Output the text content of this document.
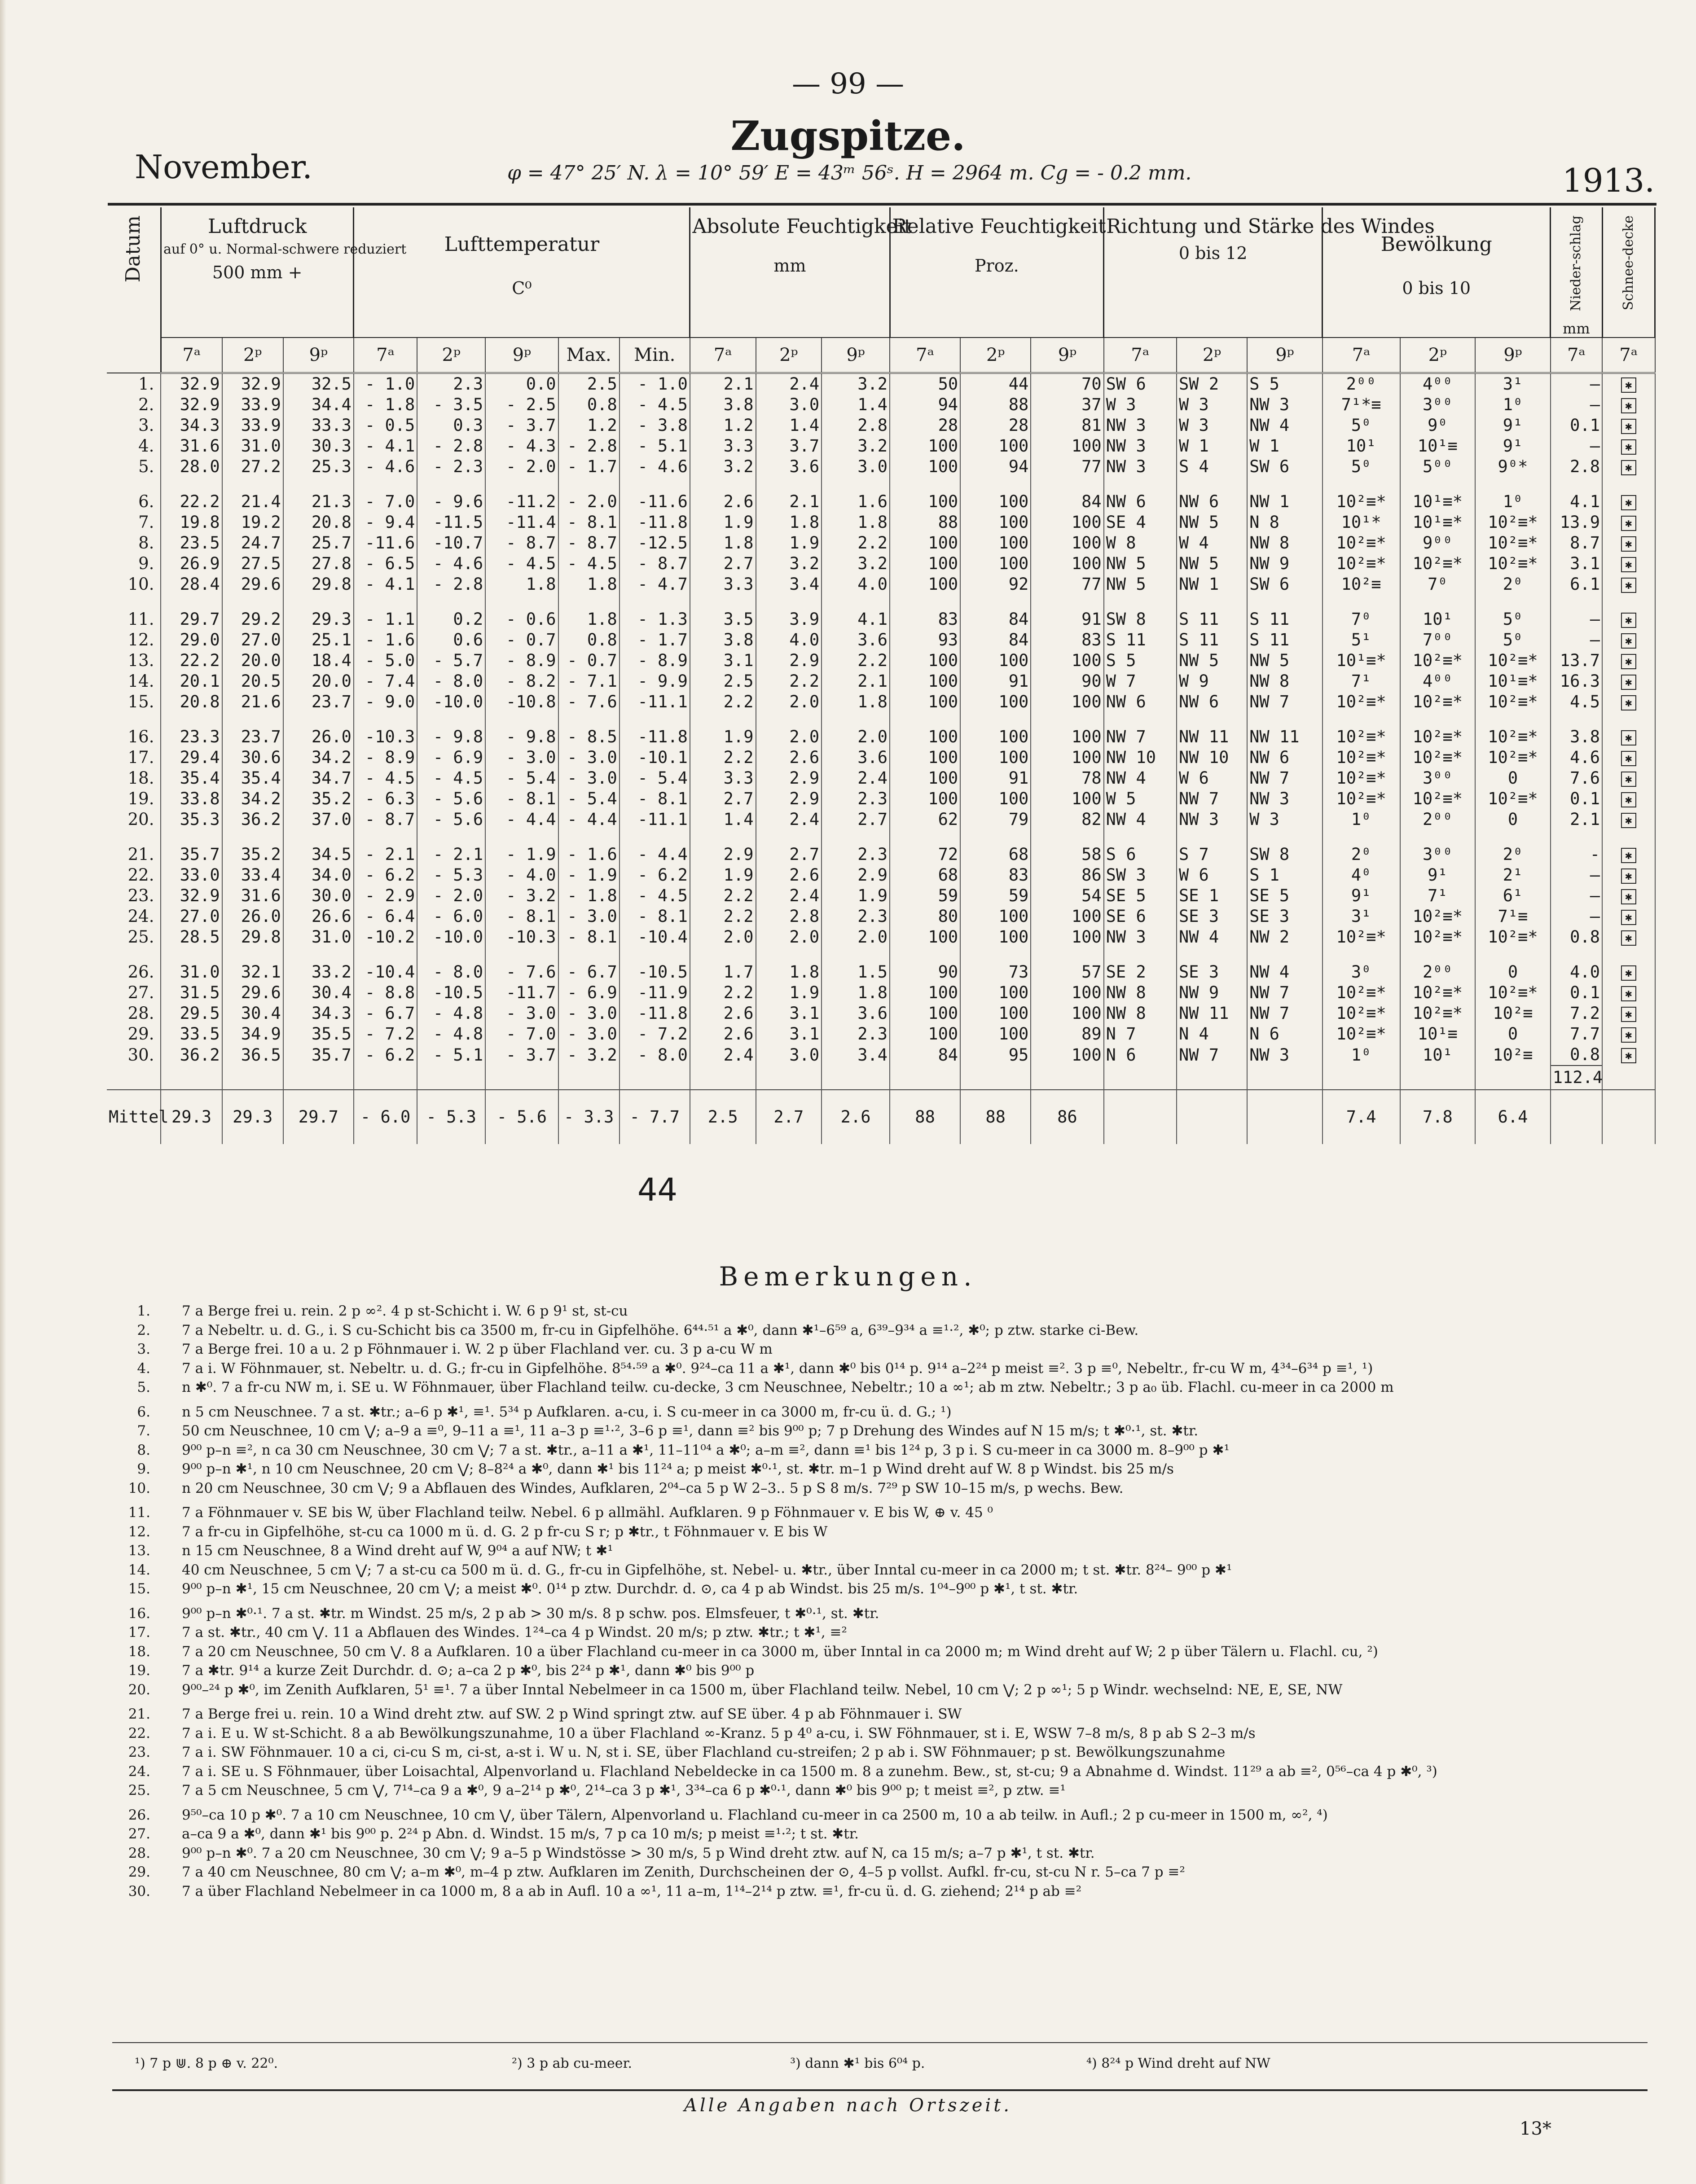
— 99 —
Zugspitze.
November.	φ = 47° 25′ N. λ = 10° 59′ E = 43ᵐ 56ˢ. H = 2964 m. Cg = - 0.2 mm.	1913.
Datum	Luftdruck
auf 0° u. Normal-schwere reduziert
500 mm +			Lufttemperatur
C⁰					Absolute Feuchtigkeit
mm			Relative Feuchtigkeit
Proz.			Richtung und Stärke des Windes
0 bis 12			Bewölkung
0 bis 10			Nieder-schlag
mm	Schnee-decke
	7ᵃ	2ᵖ	9ᵖ	7ᵃ	2ᵖ	9ᵖ	Max.	Min.	7ᵃ	2ᵖ	9ᵖ	7ᵃ	2ᵖ	9ᵖ	7ᵃ	2ᵖ	9ᵖ	7ᵃ	2ᵖ	9ᵖ	7ᵃ	7ᵃ
1.	32.9	32.9	32.5	- 1.0	2.3	0.0	2.5	- 1.0	2.1	2.4	3.2	50	44	70	SW 6	SW 2	S 5	2⁰⁰	4⁰⁰	3¹	—	✱
2.	32.9	33.9	34.4	- 1.8	- 3.5	- 2.5	0.8	- 4.5	3.8	3.0	1.4	94	88	37	W 3	W 3	NW 3	7¹*≡	3⁰⁰	1⁰	—	✱
3.	34.3	33.9	33.3	- 0.5	0.3	- 3.7	1.2	- 3.8	1.2	1.4	2.8	28	28	81	NW 3	W 3	NW 4	5⁰	9⁰	9¹	0.1	✱
4.	31.6	31.0	30.3	- 4.1	- 2.8	- 4.3	- 2.8	- 5.1	3.3	3.7	3.2	100	100	100	NW 3	W 1	W 1	10¹	10¹≡	9¹	—	✱
5.	28.0	27.2	25.3	- 4.6	- 2.3	- 2.0	- 1.7	- 4.6	3.2	3.6	3.0	100	94	77	NW 3	S 4	SW 6	5⁰	5⁰⁰	9⁰*	2.8	✱

6.	22.2	21.4	21.3	- 7.0	- 9.6	-11.2	- 2.0	-11.6	2.6	2.1	1.6	100	100	84	NW 6	NW 6	NW 1	10²≡*	10¹≡*	1⁰	4.1	✱
7.	19.8	19.2	20.8	- 9.4	-11.5	-11.4	- 8.1	-11.8	1.9	1.8	1.8	88	100	100	SE 4	NW 5	N 8	10¹*	10¹≡*	10²≡*	13.9	✱
8.	23.5	24.7	25.7	-11.6	-10.7	- 8.7	- 8.7	-12.5	1.8	1.9	2.2	100	100	100	W 8	W 4	NW 8	10²≡*	9⁰⁰	10²≡*	8.7	✱
9.	26.9	27.5	27.8	- 6.5	- 4.6	- 4.5	- 4.5	- 8.7	2.7	3.2	3.2	100	100	100	NW 5	NW 5	NW 9	10²≡*	10²≡*	10²≡*	3.1	✱
10.	28.4	29.6	29.8	- 4.1	- 2.8	1.8	1.8	- 4.7	3.3	3.4	4.0	100	92	77	NW 5	NW 1	SW 6	10²≡	7⁰	2⁰	6.1	✱

11.	29.7	29.2	29.3	- 1.1	0.2	- 0.6	1.8	- 1.3	3.5	3.9	4.1	83	84	91	SW 8	S 11	S 11	7⁰	10¹	5⁰	—	✱
12.	29.0	27.0	25.1	- 1.6	0.6	- 0.7	0.8	- 1.7	3.8	4.0	3.6	93	84	83	S 11	S 11	S 11	5¹	7⁰⁰	5⁰	—	✱
13.	22.2	20.0	18.4	- 5.0	- 5.7	- 8.9	- 0.7	- 8.9	3.1	2.9	2.2	100	100	100	S 5	NW 5	NW 5	10¹≡*	10²≡*	10²≡*	13.7	✱
14.	20.1	20.5	20.0	- 7.4	- 8.0	- 8.2	- 7.1	- 9.9	2.5	2.2	2.1	100	91	90	W 7	W 9	NW 8	7¹	4⁰⁰	10¹≡*	16.3	✱
15.	20.8	21.6	23.7	- 9.0	-10.0	-10.8	- 7.6	-11.1	2.2	2.0	1.8	100	100	100	NW 6	NW 6	NW 7	10²≡*	10²≡*	10²≡*	4.5	✱

16.	23.3	23.7	26.0	-10.3	- 9.8	- 9.8	- 8.5	-11.8	1.9	2.0	2.0	100	100	100	NW 7	NW 11	NW 11	10²≡*	10²≡*	10²≡*	3.8	✱
17.	29.4	30.6	34.2	- 8.9	- 6.9	- 3.0	- 3.0	-10.1	2.2	2.6	3.6	100	100	100	NW 10	NW 10	NW 6	10²≡*	10²≡*	10²≡*	4.6	✱
18.	35.4	35.4	34.7	- 4.5	- 4.5	- 5.4	- 3.0	- 5.4	3.3	2.9	2.4	100	91	78	NW 4	W 6	NW 7	10²≡*	3⁰⁰	0	7.6	✱
19.	33.8	34.2	35.2	- 6.3	- 5.6	- 8.1	- 5.4	- 8.1	2.7	2.9	2.3	100	100	100	W 5	NW 7	NW 3	10²≡*	10²≡*	10²≡*	0.1	✱
20.	35.3	36.2	37.0	- 8.7	- 5.6	- 4.4	- 4.4	-11.1	1.4	2.4	2.7	62	79	82	NW 4	NW 3	W 3	1⁰	2⁰⁰	0	2.1	✱

21.	35.7	35.2	34.5	- 2.1	- 2.1	- 1.9	- 1.6	- 4.4	2.9	2.7	2.3	72	68	58	S 6	S 7	SW 8	2⁰	3⁰⁰	2⁰	-	✱
22.	33.0	33.4	34.0	- 6.2	- 5.3	- 4.0	- 1.9	- 6.2	1.9	2.6	2.9	68	83	86	SW 3	W 6	S 1	4⁰	9¹	2¹	—	✱
23.	32.9	31.6	30.0	- 2.9	- 2.0	- 3.2	- 1.8	- 4.5	2.2	2.4	1.9	59	59	54	SE 5	SE 1	SE 5	9¹	7¹	6¹	—	✱
24.	27.0	26.0	26.6	- 6.4	- 6.0	- 8.1	- 3.0	- 8.1	2.2	2.8	2.3	80	100	100	SE 6	SE 3	SE 3	3¹	10²≡*	7¹≡	—	✱
25.	28.5	29.8	31.0	-10.2	-10.0	-10.3	- 8.1	-10.4	2.0	2.0	2.0	100	100	100	NW 3	NW 4	NW 2	10²≡*	10²≡*	10²≡*	0.8	✱

26.	31.0	32.1	33.2	-10.4	- 8.0	- 7.6	- 6.7	-10.5	1.7	1.8	1.5	90	73	57	SE 2	SE 3	NW 4	3⁰	2⁰⁰	0	4.0	✱
27.	31.5	29.6	30.4	- 8.8	-10.5	-11.7	- 6.9	-11.9	2.2	1.9	1.8	100	100	100	NW 8	NW 9	NW 7	10²≡*	10²≡*	10²≡*	0.1	✱
28.	29.5	30.4	34.3	- 6.7	- 4.8	- 3.0	- 3.0	-11.8	2.6	3.1	3.6	100	100	100	NW 8	NW 11	NW 7	10²≡*	10²≡*	10²≡	7.2	✱
29.	33.5	34.9	35.5	- 7.2	- 4.8	- 7.0	- 3.0	- 7.2	2.6	3.1	2.3	100	100	89	N 7	N 4	N 6	10²≡*	10¹≡	0	7.7	✱
30.	36.2	36.5	35.7	- 6.2	- 5.1	- 3.7	- 3.2	- 8.0	2.4	3.0	3.4	84	95	100	N 6	NW 7	NW 3	1⁰	10¹	10²≡	0.8	✱
																					112.4	
Mittel	29.3	29.3	29.7	- 6.0	- 5.3	- 5.6	- 3.3	- 7.7	2.5	2.7	2.6	88	88	86				7.4	7.8	6.4		
44
Bemerkungen.
1. 7 a Berge frei u. rein. 2 p ∞². 4 p st-Schicht i. W. 6 p 9¹ st, st-cu
2. 7 a Nebeltr. u. d. G., i. S cu-Schicht bis ca 3500 m, fr-cu in Gipfelhöhe. 6⁴⁴·⁵¹ a ✱⁰, dann ✱¹–6⁵⁹ a, 6³⁹–9³⁴ a ≡¹·², ✱⁰; p ztw. starke ci-Bew.
3. 7 a Berge frei. 10 a u. 2 p Föhnmauer i. W. 2 p über Flachland ver. cu. 3 p a-cu W m
4. 7 a i. W Föhnmauer, st. Nebeltr. u. d. G.; fr-cu in Gipfelhöhe. 8⁵⁴·⁵⁹ a ✱⁰. 9²⁴–ca 11 a ✱¹, dann ✱⁰ bis 0¹⁴ p. 9¹⁴ a–2²⁴ p meist ≡². 3 p ≡⁰, Nebeltr., fr-cu W m, 4³⁴–6³⁴ p ≡¹, ¹)
5. n ✱⁰. 7 a fr-cu NW m, i. SE u. W Föhnmauer, über Flachland teilw. cu-decke, 3 cm Neuschnee, Nebeltr.; 10 a ∞¹; ab m ztw. Nebeltr.; 3 p a₀ üb. Flachl. cu-meer in ca 2000 m
6. n 5 cm Neuschnee. 7 a st. ✱tr.; a–6 p ✱¹, ≡¹. 5³⁴ p Aufklaren. a-cu, i. S cu-meer in ca 3000 m, fr-cu ü. d. G.; ¹)
7. 50 cm Neuschnee, 10 cm ⋁; a–9 a ≡⁰, 9–11 a ≡¹, 11 a–3 p ≡¹·², 3–6 p ≡¹, dann ≡² bis 9⁰⁰ p; 7 p Drehung des Windes auf N 15 m/s; t ✱⁰·¹, st. ✱tr.
8. 9⁰⁰ p–n ≡², n ca 30 cm Neuschnee, 30 cm ⋁; 7 a st. ✱tr., a–11 a ✱¹, 11–11⁰⁴ a ✱⁰; a–m ≡², dann ≡¹ bis 1²⁴ p, 3 p i. S cu-meer in ca 3000 m. 8–9⁰⁰ p ✱¹
9. 9⁰⁰ p–n ✱¹, n 10 cm Neuschnee, 20 cm ⋁; 8–8²⁴ a ✱⁰, dann ✱¹ bis 11²⁴ a; p meist ✱⁰·¹, st. ✱tr. m–1 p Wind dreht auf W. 8 p Windst. bis 25 m/s
10. n 20 cm Neuschnee, 30 cm ⋁; 9 a Abflauen des Windes, Aufklaren, 2⁰⁴–ca 5 p W 2–3.. 5 p S 8 m/s. 7²⁹ p SW 10–15 m/s, p wechs. Bew.
11. 7 a Föhnmauer v. SE bis W, über Flachland teilw. Nebel. 6 p allmähl. Aufklaren. 9 p Föhnmauer v. E bis W, ⊕ v. 45 ⁰
12. 7 a fr-cu in Gipfelhöhe, st-cu ca 1000 m ü. d. G. 2 p fr-cu S r; p ✱tr., t Föhnmauer v. E bis W
13. n 15 cm Neuschnee, 8 a Wind dreht auf W, 9⁰⁴ a auf NW; t ✱¹
14. 40 cm Neuschnee, 5 cm ⋁; 7 a st-cu ca 500 m ü. d. G., fr-cu in Gipfelhöhe, st. Nebel- u. ✱tr., über Inntal cu-meer in ca 2000 m; t st. ✱tr. 8²⁴– 9⁰⁰ p ✱¹
15. 9⁰⁰ p–n ✱¹, 15 cm Neuschnee, 20 cm ⋁; a meist ✱⁰. 0¹⁴ p ztw. Durchdr. d. ⊙, ca 4 p ab Windst. bis 25 m/s. 1⁰⁴–9⁰⁰ p ✱¹, t st. ✱tr.
16. 9⁰⁰ p–n ✱⁰·¹. 7 a st. ✱tr. m Windst. 25 m/s, 2 p ab > 30 m/s. 8 p schw. pos. Elmsfeuer, t ✱⁰·¹, st. ✱tr.
17. 7 a st. ✱tr., 40 cm ⋁. 11 a Abflauen des Windes. 1²⁴–ca 4 p Windst. 20 m/s; p ztw. ✱tr.; t ✱¹, ≡²
18. 7 a 20 cm Neuschnee, 50 cm ⋁. 8 a Aufklaren. 10 a über Flachland cu-meer in ca 3000 m, über Inntal in ca 2000 m; m Wind dreht auf W; 2 p über Tälern u. Flachl. cu, ²)
19. 7 a ✱tr. 9¹⁴ a kurze Zeit Durchdr. d. ⊙; a–ca 2 p ✱⁰, bis 2²⁴ p ✱¹, dann ✱⁰ bis 9⁰⁰ p
20. 9⁰⁰–²⁴ p ✱⁰, im Zenith Aufklaren, 5¹ ≡¹. 7 a über Inntal Nebelmeer in ca 1500 m, über Flachland teilw. Nebel, 10 cm ⋁; 2 p ∞¹; 5 p Windr. wechselnd: NE, E, SE, NW
21. 7 a Berge frei u. rein. 10 a Wind dreht ztw. auf SW. 2 p Wind springt ztw. auf SE über. 4 p ab Föhnmauer i. SW
22. 7 a i. E u. W st-Schicht. 8 a ab Bewölkungszunahme, 10 a über Flachland ∞-Kranz. 5 p 4⁰ a-cu, i. SW Föhnmauer, st i. E, WSW 7–8 m/s, 8 p ab S 2–3 m/s
23. 7 a i. SW Föhnmauer. 10 a ci, ci-cu S m, ci-st, a-st i. W u. N, st i. SE, über Flachland cu-streifen; 2 p ab i. SW Föhnmauer; p st. Bewölkungszunahme
24. 7 a i. SE u. S Föhnmauer, über Loisachtal, Alpenvorland u. Flachland Nebeldecke in ca 1500 m. 8 a zunehm. Bew., st, st-cu; 9 a Abnahme d. Windst. 11²⁹ a ab ≡², 0⁵⁶–ca 4 p ✱⁰, ³)
25. 7 a 5 cm Neuschnee, 5 cm ⋁, 7¹⁴–ca 9 a ✱⁰, 9 a–2¹⁴ p ✱⁰, 2¹⁴–ca 3 p ✱¹, 3³⁴–ca 6 p ✱⁰·¹, dann ✱⁰ bis 9⁰⁰ p; t meist ≡², p ztw. ≡¹
26. 9⁵⁰–ca 10 p ✱⁰. 7 a 10 cm Neuschnee, 10 cm ⋁, über Tälern, Alpenvorland u. Flachland cu-meer in ca 2500 m, 10 a ab teilw. in Aufl.; 2 p cu-meer in 1500 m, ∞², ⁴)
27. a–ca 9 a ✱⁰, dann ✱¹ bis 9⁰⁰ p. 2²⁴ p Abn. d. Windst. 15 m/s, 7 p ca 10 m/s; p meist ≡¹·²; t st. ✱tr.
28. 9⁰⁰ p–n ✱⁰. 7 a 20 cm Neuschnee, 30 cm ⋁; 9 a–5 p Windstösse > 30 m/s, 5 p Wind dreht ztw. auf N, ca 15 m/s; a–7 p ✱¹, t st. ✱tr.
29. 7 a 40 cm Neuschnee, 80 cm ⋁; a–m ✱⁰, m–4 p ztw. Aufklaren im Zenith, Durchscheinen der ⊙, 4–5 p vollst. Aufkl. fr-cu, st-cu N r. 5–ca 7 p ≡²
30. 7 a über Flachland Nebelmeer in ca 1000 m, 8 a ab in Aufl. 10 a ∞¹, 11 a–m, 1¹⁴–2¹⁴ p ztw. ≡¹, fr-cu ü. d. G. ziehend; 2¹⁴ p ab ≡²
¹) 7 p ⋓. 8 p ⊕ v. 22⁰.	²) 3 p ab cu-meer.	³) dann ✱¹ bis 6⁰⁴ p.	⁴) 8²⁴ p Wind dreht auf NW
Alle Angaben nach Ortszeit.
13*
